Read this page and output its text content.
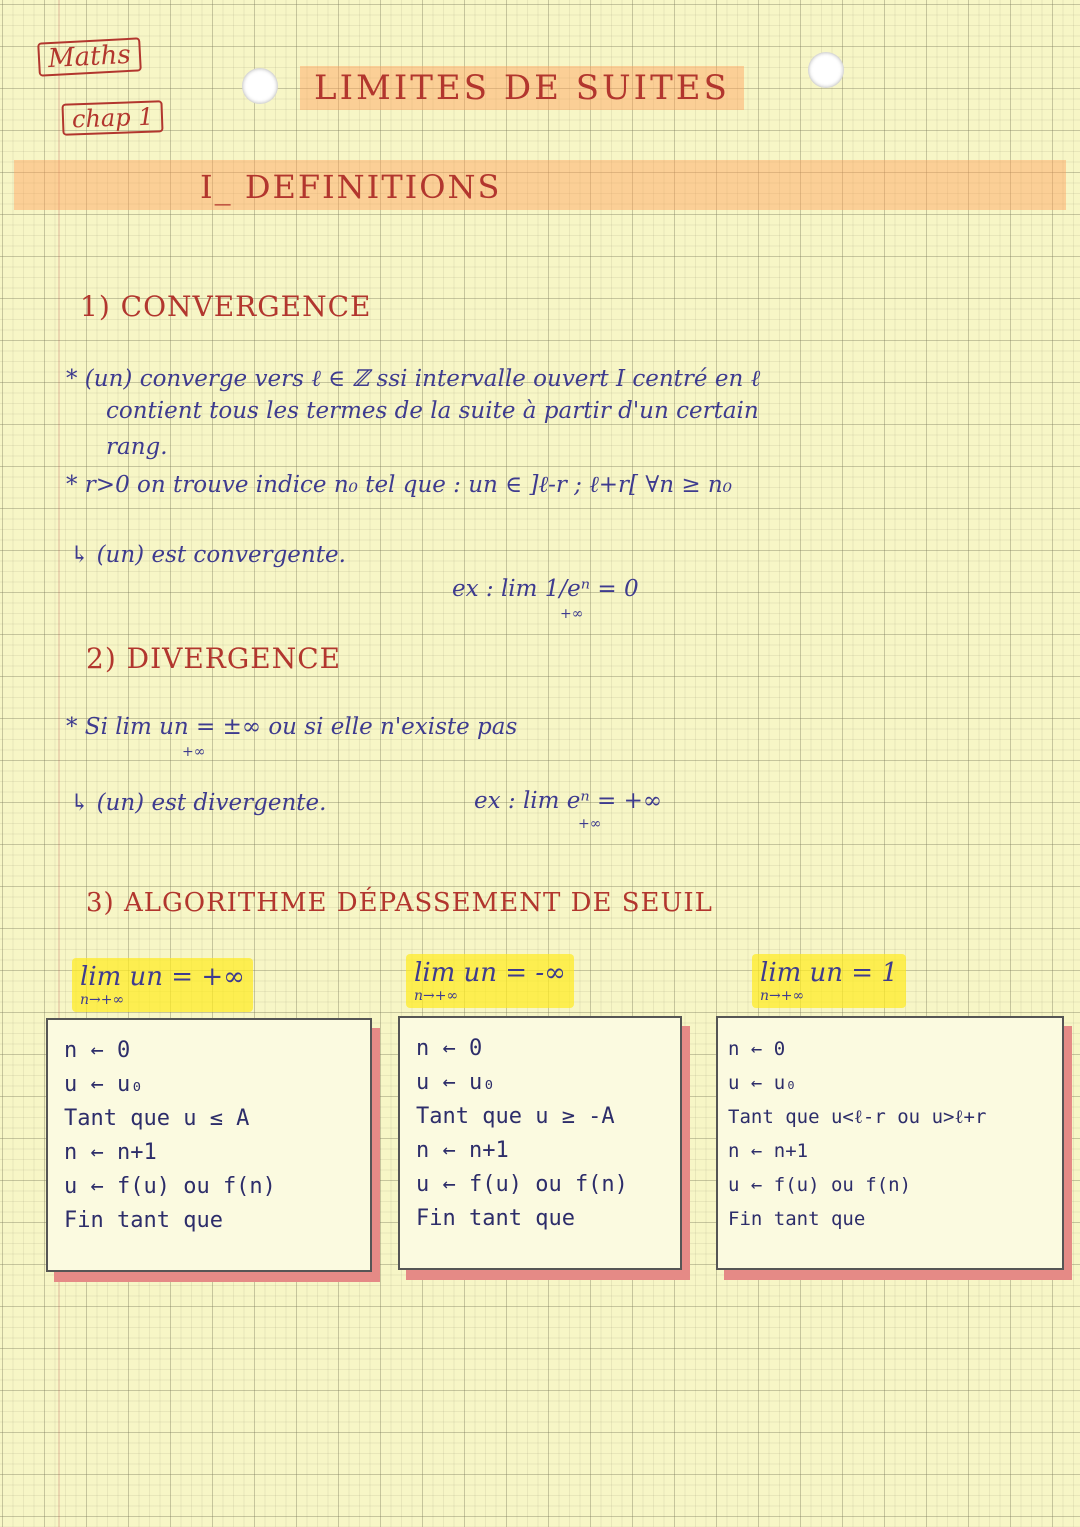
Maths
chap 1
LIMITES DE SUITES
I_ DEFINITIONS
1) CONVERGENCE
* (un) converge vers ℓ ∈ ℤ ssi intervalle ouvert I centré en ℓ
contient tous les termes de la suite à partir d'un certain
rang.
* r>0 on trouve indice n₀ tel que : un ∈ ]ℓ-r ; ℓ+r[ ∀n ≥ n₀
↳ (un) est convergente.
ex : lim 1/eⁿ = 0
+∞
2) DIVERGENCE
* Si lim un = ±∞ ou si elle n'existe pas
+∞
↳ (un) est divergente.	ex : lim eⁿ = +∞
+∞
3) ALGORITHME DÉPASSEMENT DE SEUIL
lim un = +∞
n→+∞
n ← 0
u ← u₀
Tant que u ≤ A
n ← n+1
u ← f(u) ou f(n)
Fin tant que
lim un = -∞
n→+∞
n ← 0
u ← u₀
Tant que u ≥ -A
n ← n+1
u ← f(u) ou f(n)
Fin tant que
lim un = 1
n→+∞
n ← 0
u ← u₀
Tant que u<ℓ-r ou u>ℓ+r
n ← n+1
u ← f(u) ou f(n)
Fin tant que
